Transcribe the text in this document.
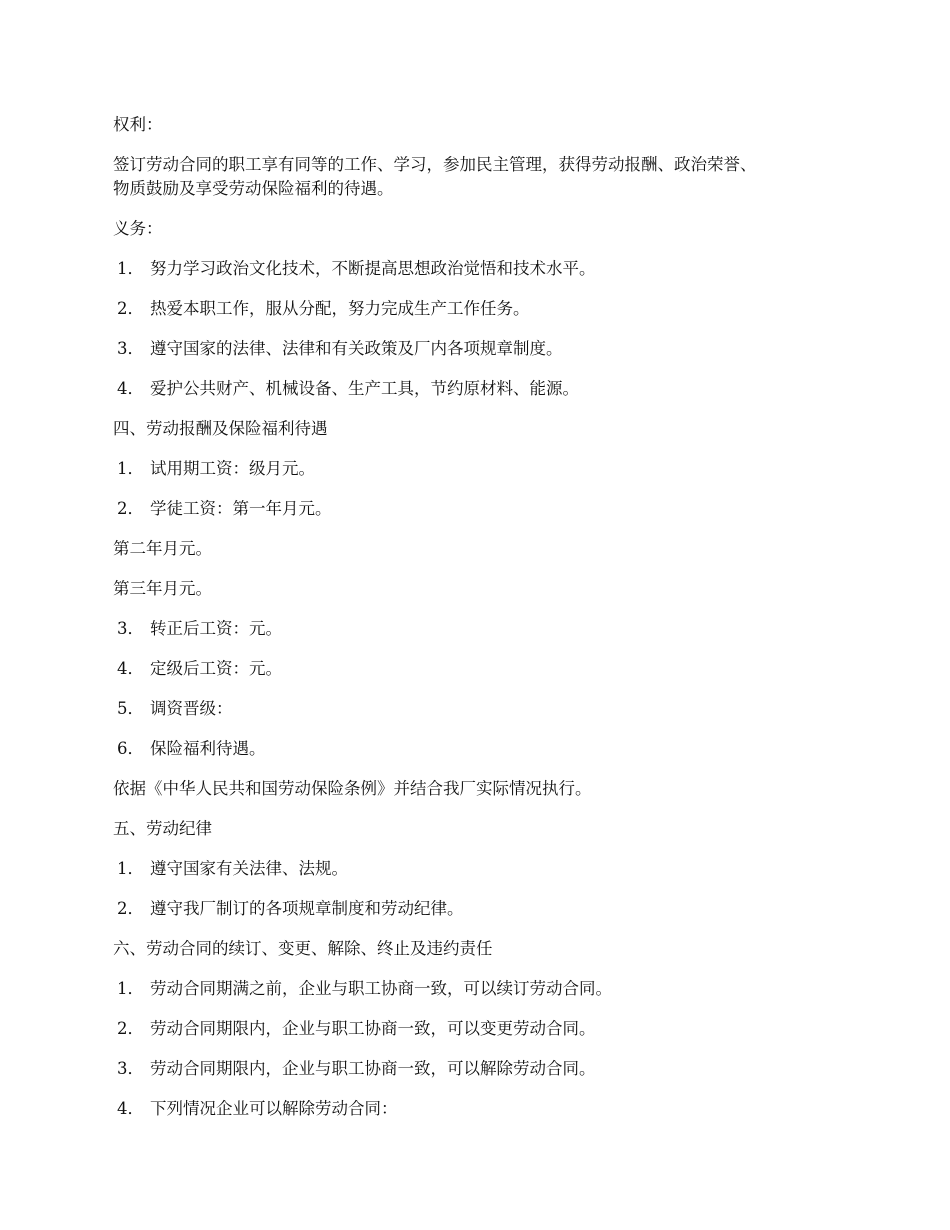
权利：

签订劳动合同的职工享有同等的工作、学习，参加民主管理，获得劳动报酬、政治荣誉、

物质鼓励及享受劳动保险福利的待遇。

义务：

1． 努力学习政治文化技术，不断提高思想政治觉悟和技术水平。
2． 热爱本职工作，服从分配，努力完成生产工作任务。
3． 遵守国家的法律、法律和有关政策及厂内各项规章制度。
4． 爱护公共财产、机械设备、生产工具，节约原材料、能源。

四、劳动报酬及保险福利待遇

1． 试用期工资：级月元。
2． 学徒工资：第一年月元。

第二年月元。

第三年月元。

3． 转正后工资：元。
4． 定级后工资：元。
5． 调资晋级：
6． 保险福利待遇。

依据《中华人民共和国劳动保险条例》并结合我厂实际情况执行。

五、劳动纪律

1． 遵守国家有关法律、法规。
2． 遵守我厂制订的各项规章制度和劳动纪律。

六、劳动合同的续订、变更、解除、终止及违约责任

1． 劳动合同期满之前，企业与职工协商一致，可以续订劳动合同。
2． 劳动合同期限内，企业与职工协商一致，可以变更劳动合同。
3． 劳动合同期限内，企业与职工协商一致，可以解除劳动合同。
4． 下列情况企业可以解除劳动合同：
